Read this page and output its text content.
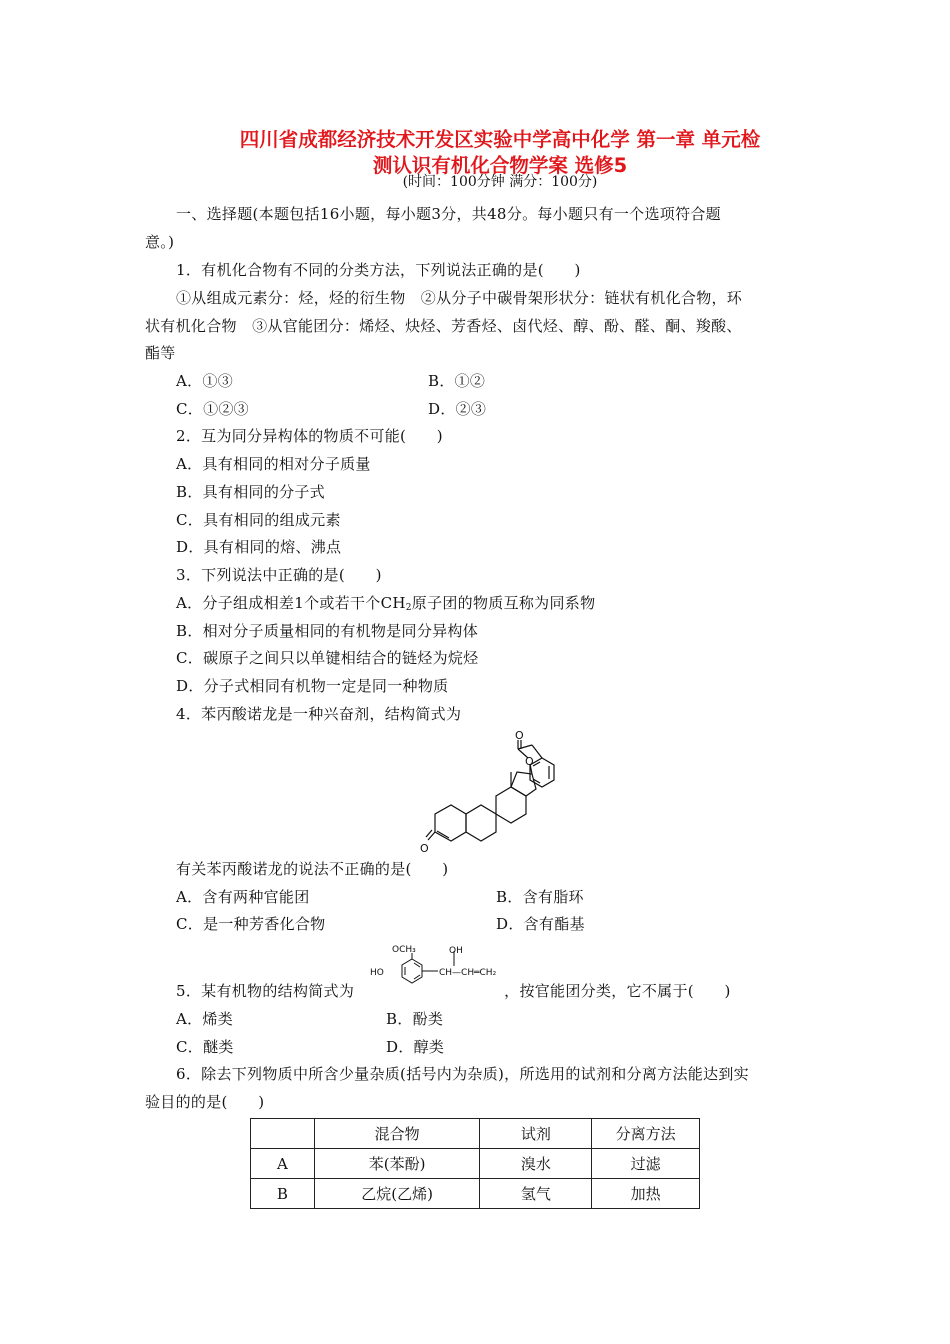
四川省成都经济技术开发区实验中学高中化学 第一章 单元检
测认识有机化合物学案 选修5
(时间：100分钟 满分：100分)
一、选择题(本题包括16小题，每小题3分，共48分。每小题只有一个选项符合题
意。)
1．有机化合物有不同的分类方法，下列说法正确的是(　　)
①从组成元素分：烃，烃的衍生物　②从分子中碳骨架形状分：链状有机化合物，环
状有机化合物　③从官能团分：烯烃、炔烃、芳香烃、卤代烃、醇、酚、醛、酮、羧酸、
酯等
A．①③	B．①②
C．①②③	D．②③
2．互为同分异构体的物质不可能(　　)
A．具有相同的相对分子质量
B．具有相同的分子式
C．具有相同的组成元素
D．具有相同的熔、沸点
3．下列说法中正确的是(　　)
A．分子组成相差1个或若干个$CH_2$原子团的物质互称为同系物
B．相对分子质量相同的有机物是同分异构体
C．碳原子之间只以单键相结合的链烃为烷烃
D．分子式相同有机物一定是同一种物质
4．苯丙酸诺龙是一种兴奋剂，结构简式为
O
O
O
有关苯丙酸诺龙的说法不正确的是(　　)
A．含有两种官能团	B．含有脂环
C．是一种芳香化合物	D．含有酯基
OCH₃
HO
OH
CH—CH═CH₂
5．某有机物的结构简式为	，按官能团分类，它不属于(　　)
A．烯类	B．酚类
C．醚类	D．醇类
6．除去下列物质中所含少量杂质(括号内为杂质)，所选用的试剂和分离方法能达到实
验目的的是(　　)
	混合物	试剂	分离方法
A	苯(苯酚)	溴水	过滤
B	乙烷(乙烯)	氢气	加热
